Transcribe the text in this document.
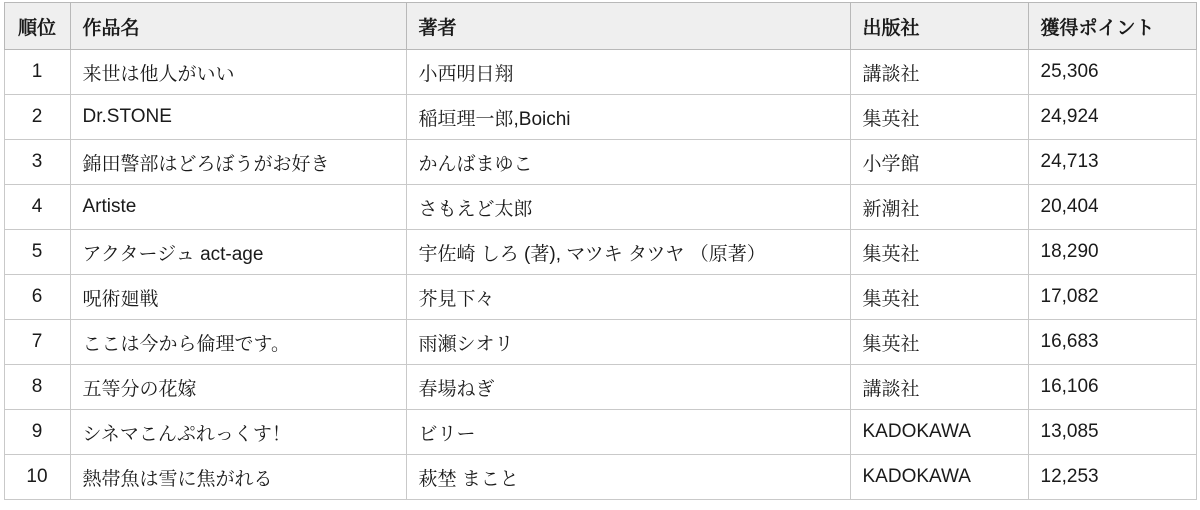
順位	作品名	著者	出版社	獲得ポイント
1	来世は他人がいい	小西明日翔	講談社	25,306
2	Dr.STONE	稲垣理一郎,Boichi	集英社	24,924
3	錦田警部はどろぼうがお好き	かんばまゆこ	小学館	24,713
4	Artiste	さもえど太郎	新潮社	20,404
5	アクタージュ act-age	宇佐崎 しろ (著), マツキ タツヤ （原著）	集英社	18,290
6	呪術廻戦	芥見下々	集英社	17,082
7	ここは今から倫理です。	雨瀬シオリ	集英社	16,683
8	五等分の花嫁	春場ねぎ	講談社	16,106
9	シネマこんぷれっくす！	ビリー	KADOKAWA	13,085
10	熱帯魚は雪に焦がれる	萩埜 まこと	KADOKAWA	12,253
